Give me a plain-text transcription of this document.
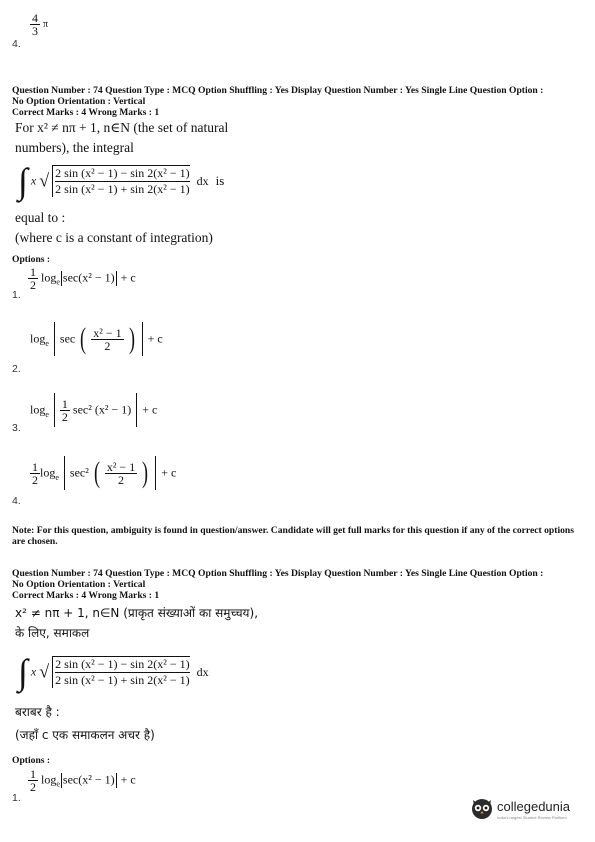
4.
$\frac{4}{3}$ π
Question Number : 74 Question Type : MCQ Option Shuffling : Yes Display Question Number : Yes Single Line Question Option :
No Option Orientation : Vertical
Correct Marks : 4 Wrong Marks : 1
For x² ≠ nπ + 1, n∈N (the set of natural
numbers), the integral
∫ x √ $\frac{\text{2 sin (x² − 1) − sin 2(x² − 1)}}{\text{2 sin (x² − 1) + sin 2(x² − 1)}}$ dx is
equal to :
(where c is a constant of integration)
Options :
1.
$\frac{1}{2} \log_e \sec(x^2 - 1) + c$
2.
$\log_e \sec$ ( $\frac{\text{x² − 1}}{2}$ ) + c
3.
$\log_e \frac{1}{2} \sec^2$ (x² − 1) + c
4.
$\frac{1}{2} \log_e \sec^2$ ( $\frac{\text{x² − 1}}{2}$ ) + c
Note: For this question, ambiguity is found in question/answer. Candidate will get full marks for this question if any of the correct options are chosen.
Question Number : 74 Question Type : MCQ Option Shuffling : Yes Display Question Number : Yes Single Line Question Option :
No Option Orientation : Vertical
Correct Marks : 4 Wrong Marks : 1
x² ≠ nπ + 1, n∈N (प्राकृत संख्याओं का समुच्चय),
के लिए, समाकल
∫ x √ $\frac{\text{2 sin (x² − 1) − sin 2(x² − 1)}}{\text{2 sin (x² − 1) + sin 2(x² − 1)}}$ dx
बराबर है :
(जहाँ c एक समाकलन अचर है)
Options :
1.
$\frac{1}{2} \log_e \sec(x^2 - 1) + c$
collegedunia
India's largest Student Review Platform
